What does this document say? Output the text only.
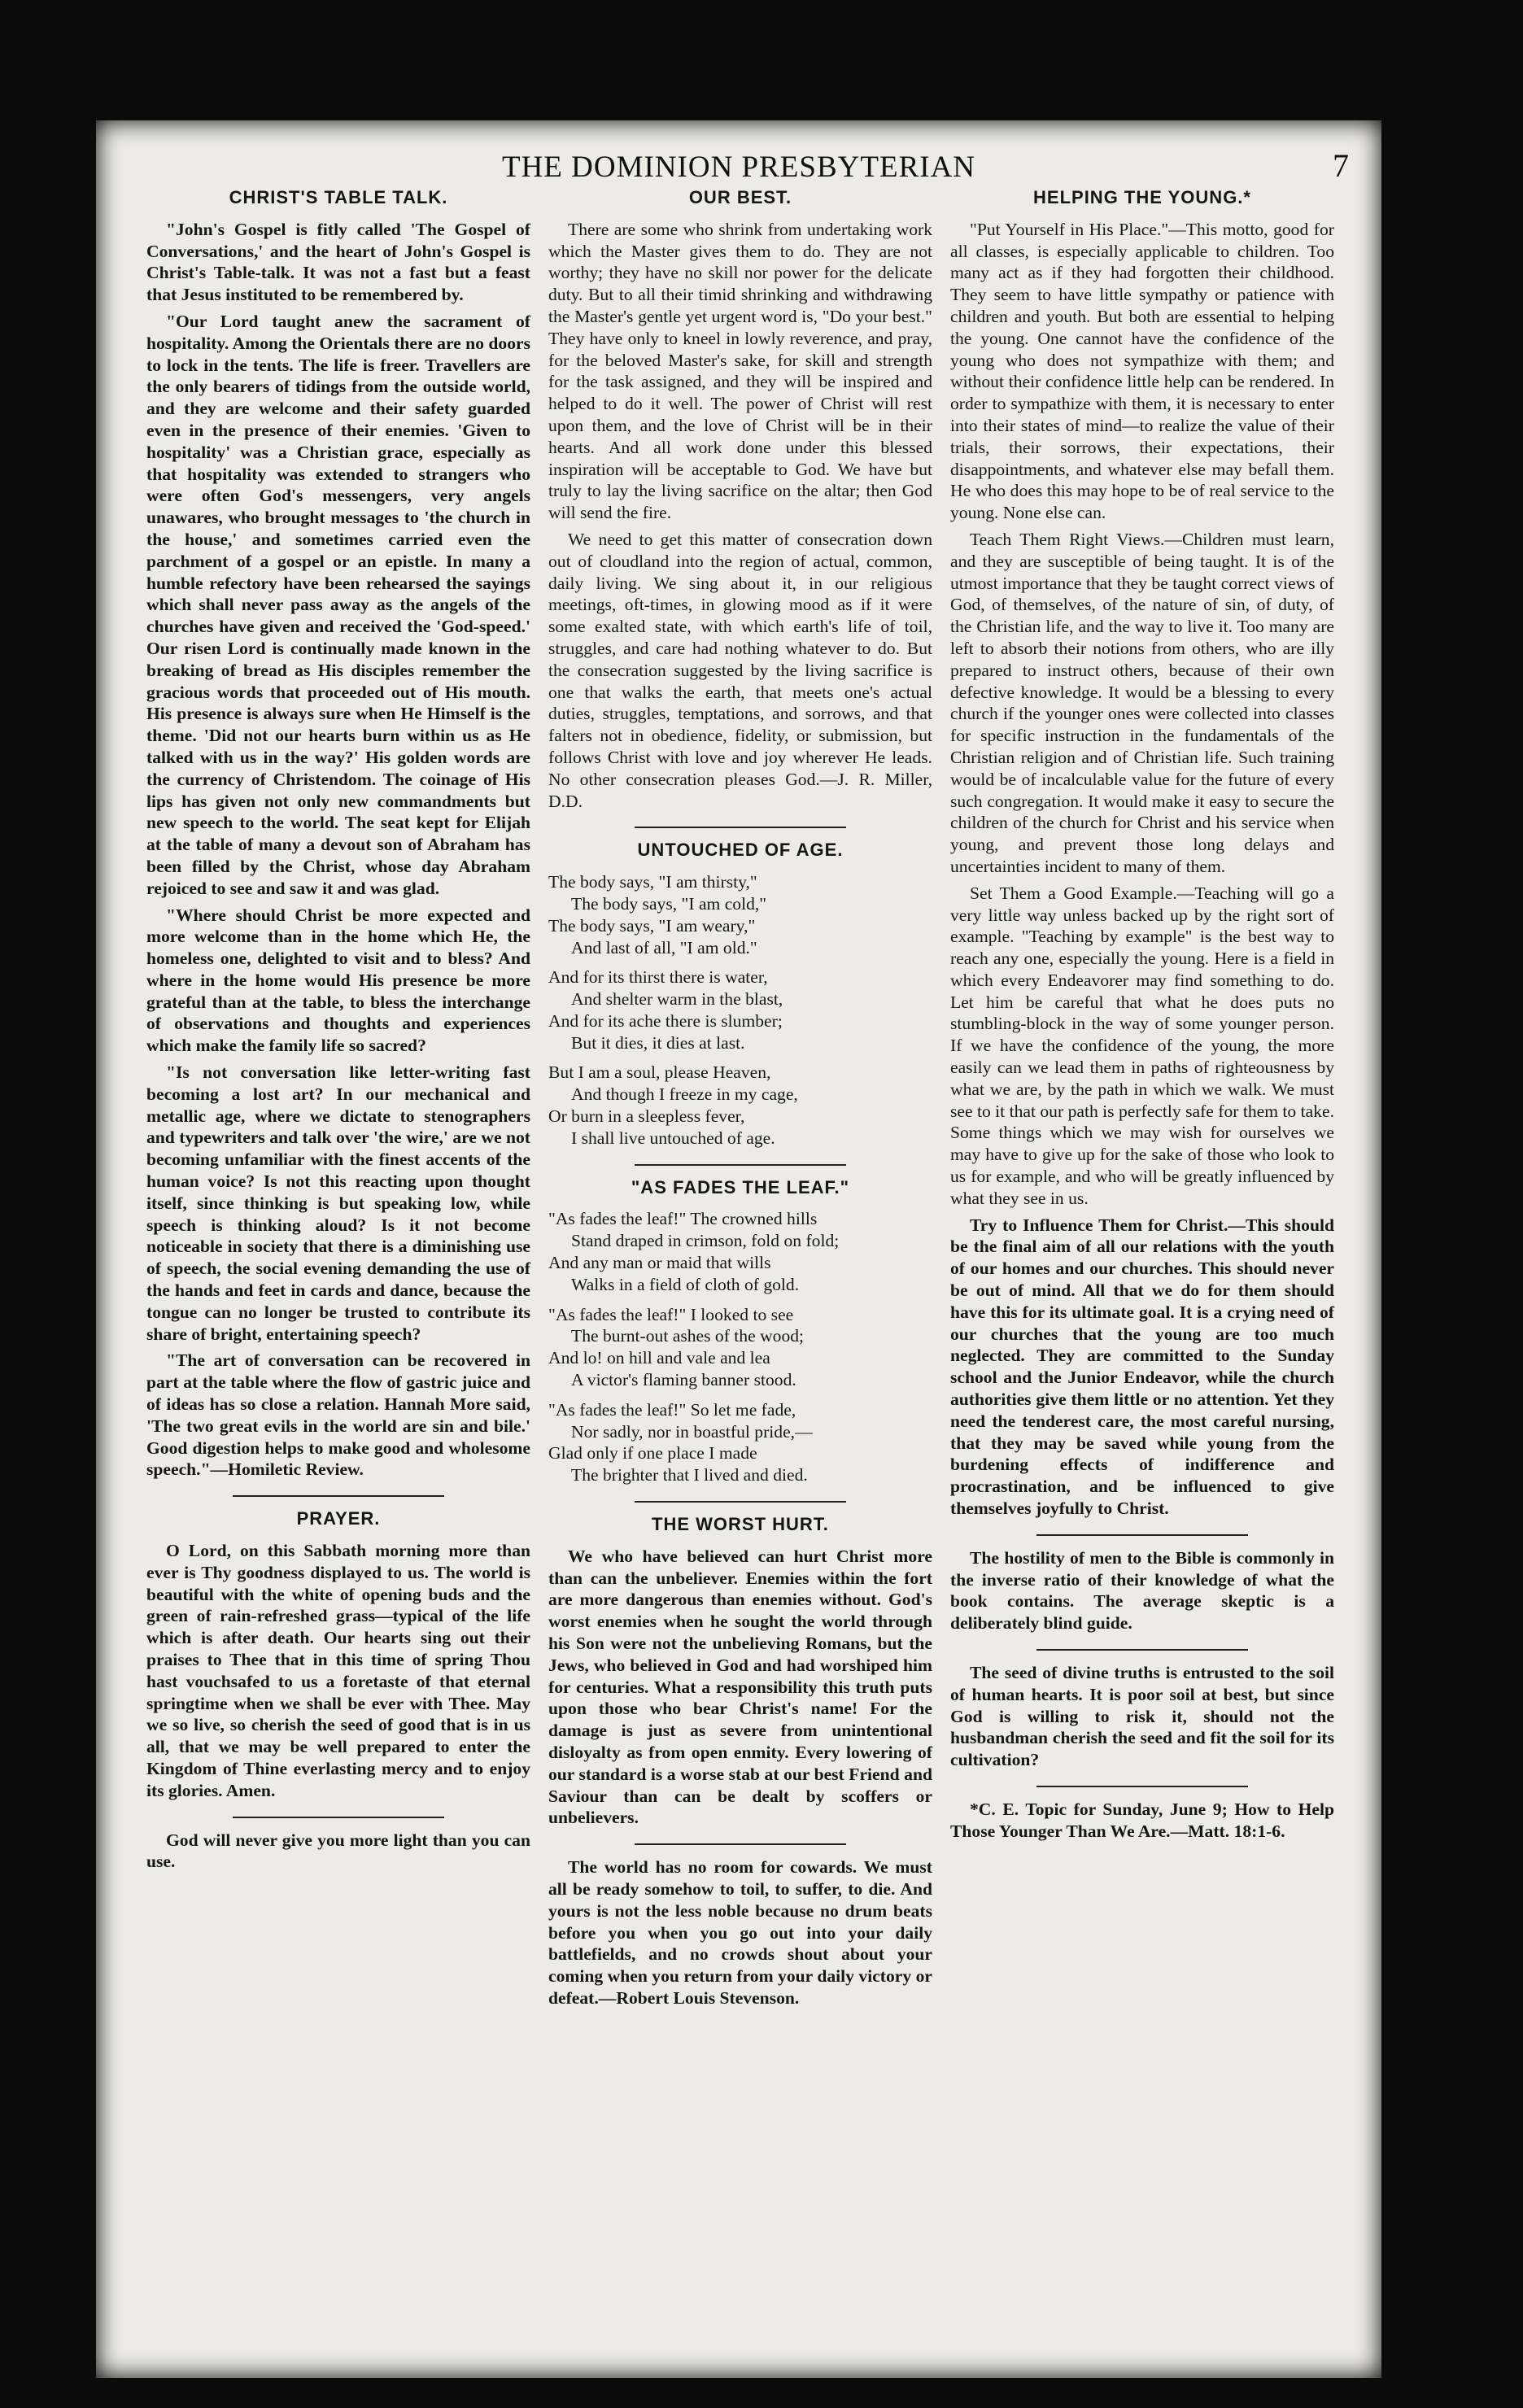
THE DOMINION PRESBYTERIAN	7
CHRIST'S TABLE TALK.

"John's Gospel is fitly called 'The Gospel of Conversations,' and the heart of John's Gospel is Christ's Table-talk. It was not a fast but a feast that Jesus instituted to be remembered by.

"Our Lord taught anew the sacrament of hospitality. Among the Orientals there are no doors to lock in the tents. The life is freer. Travellers are the only bearers of tidings from the outside world, and they are welcome and their safety guarded even in the presence of their enemies. 'Given to hospitality' was a Christian grace, especially as that hospitality was extended to strangers who were often God's messengers, very angels unawares, who brought messages to 'the church in the house,' and sometimes carried even the parchment of a gospel or an epistle. In many a humble refectory have been rehearsed the sayings which shall never pass away as the angels of the churches have given and received the 'God-speed.' Our risen Lord is continually made known in the breaking of bread as His disciples remember the gracious words that proceeded out of His mouth. His presence is always sure when He Himself is the theme. 'Did not our hearts burn within us as He talked with us in the way?' His golden words are the currency of Christendom. The coinage of His lips has given not only new commandments but new speech to the world. The seat kept for Elijah at the table of many a devout son of Abraham has been filled by the Christ, whose day Abraham rejoiced to see and saw it and was glad.

"Where should Christ be more expected and more welcome than in the home which He, the homeless one, delighted to visit and to bless? And where in the home would His presence be more grateful than at the table, to bless the interchange of observations and thoughts and experiences which make the family life so sacred?

"Is not conversation like letter-writing fast becoming a lost art? In our mechanical and metallic age, where we dictate to stenographers and typewriters and talk over 'the wire,' are we not becoming unfamiliar with the finest accents of the human voice? Is not this reacting upon thought itself, since thinking is but speaking low, while speech is thinking aloud? Is it not become noticeable in society that there is a diminishing use of speech, the social evening demanding the use of the hands and feet in cards and dance, because the tongue can no longer be trusted to contribute its share of bright, entertaining speech?

"The art of conversation can be recovered in part at the table where the flow of gastric juice and of ideas has so close a relation. Hannah More said, 'The two great evils in the world are sin and bile.' Good digestion helps to make good and wholesome speech."—Homiletic Review.

PRAYER.

O Lord, on this Sabbath morning more than ever is Thy goodness displayed to us. The world is beautiful with the white of opening buds and the green of rain-refreshed grass—typical of the life which is after death. Our hearts sing out their praises to Thee that in this time of spring Thou hast vouchsafed to us a foretaste of that eternal springtime when we shall be ever with Thee. May we so live, so cherish the seed of good that is in us all, that we may be well prepared to enter the Kingdom of Thine everlasting mercy and to enjoy its glories. Amen.

God will never give you more light than you can use.

OUR BEST.

There are some who shrink from undertaking work which the Master gives them to do. They are not worthy; they have no skill nor power for the delicate duty. But to all their timid shrinking and withdrawing the Master's gentle yet urgent word is, "Do your best." They have only to kneel in lowly reverence, and pray, for the beloved Master's sake, for skill and strength for the task assigned, and they will be inspired and helped to do it well. The power of Christ will rest upon them, and the love of Christ will be in their hearts. And all work done under this blessed inspiration will be acceptable to God. We have but truly to lay the living sacrifice on the altar; then God will send the fire.

We need to get this matter of consecration down out of cloudland into the region of actual, common, daily living. We sing about it, in our religious meetings, oft-times, in glowing mood as if it were some exalted state, with which earth's life of toil, struggles, and care had nothing whatever to do. But the consecration suggested by the living sacrifice is one that walks the earth, that meets one's actual duties, struggles, temptations, and sorrows, and that falters not in obedience, fidelity, or submission, but follows Christ with love and joy wherever He leads. No other consecration pleases God.—J. R. Miller, D.D.

UNTOUCHED OF AGE.
The body says, "I am thirsty,"
The body says, "I am cold,"
The body says, "I am weary,"
And last of all, "I am old."
And for its thirst there is water,
And shelter warm in the blast,
And for its ache there is slumber;
But it dies, it dies at last.
But I am a soul, please Heaven,
And though I freeze in my cage,
Or burn in a sleepless fever,
I shall live untouched of age.
"AS FADES THE LEAF."
"As fades the leaf!" The crowned hills
Stand draped in crimson, fold on fold;
And any man or maid that wills
Walks in a field of cloth of gold.
"As fades the leaf!" I looked to see
The burnt-out ashes of the wood;
And lo! on hill and vale and lea
A victor's flaming banner stood.
"As fades the leaf!" So let me fade,
Nor sadly, nor in boastful pride,—
Glad only if one place I made
The brighter that I lived and died.
THE WORST HURT.

We who have believed can hurt Christ more than can the unbeliever. Enemies within the fort are more dangerous than enemies without. God's worst enemies when he sought the world through his Son were not the unbelieving Romans, but the Jews, who believed in God and had worshiped him for centuries. What a responsibility this truth puts upon those who bear Christ's name! For the damage is just as severe from unintentional disloyalty as from open enmity. Every lowering of our standard is a worse stab at our best Friend and Saviour than can be dealt by scoffers or unbelievers.

The world has no room for cowards. We must all be ready somehow to toil, to suffer, to die. And yours is not the less noble because no drum beats before you when you go out into your daily battlefields, and no crowds shout about your coming when you return from your daily victory or defeat.—Robert Louis Stevenson.

HELPING THE YOUNG.*

"Put Yourself in His Place."—This motto, good for all classes, is especially applicable to children. Too many act as if they had forgotten their childhood. They seem to have little sympathy or patience with children and youth. But both are essential to helping the young. One cannot have the confidence of the young who does not sympathize with them; and without their confidence little help can be rendered. In order to sympathize with them, it is necessary to enter into their states of mind—to realize the value of their trials, their sorrows, their expectations, their disappointments, and whatever else may befall them. He who does this may hope to be of real service to the young. None else can.

Teach Them Right Views.—Children must learn, and they are susceptible of being taught. It is of the utmost importance that they be taught correct views of God, of themselves, of the nature of sin, of duty, of the Christian life, and the way to live it. Too many are left to absorb their notions from others, who are illy prepared to instruct others, because of their own defective knowledge. It would be a blessing to every church if the younger ones were collected into classes for specific instruction in the fundamentals of the Christian religion and of Christian life. Such training would be of incalculable value for the future of every such congregation. It would make it easy to secure the children of the church for Christ and his service when young, and prevent those long delays and uncertainties incident to many of them.

Set Them a Good Example.—Teaching will go a very little way unless backed up by the right sort of example. "Teaching by example" is the best way to reach any one, especially the young. Here is a field in which every Endeavorer may find something to do. Let him be careful that what he does puts no stumbling-block in the way of some younger person. If we have the confidence of the young, the more easily can we lead them in paths of righteousness by what we are, by the path in which we walk. We must see to it that our path is perfectly safe for them to take. Some things which we may wish for ourselves we may have to give up for the sake of those who look to us for example, and who will be greatly influenced by what they see in us.

Try to Influence Them for Christ.—This should be the final aim of all our relations with the youth of our homes and our churches. This should never be out of mind. All that we do for them should have this for its ultimate goal. It is a crying need of our churches that the young are too much neglected. They are committed to the Sunday school and the Junior Endeavor, while the church authorities give them little or no attention. Yet they need the tenderest care, the most careful nursing, that they may be saved while young from the burdening effects of indifference and procrastination, and be influenced to give themselves joyfully to Christ.

The hostility of men to the Bible is commonly in the inverse ratio of their knowledge of what the book contains. The average skeptic is a deliberately blind guide.

The seed of divine truths is entrusted to the soil of human hearts. It is poor soil at best, but since God is willing to risk it, should not the husbandman cherish the seed and fit the soil for its cultivation?

*C. E. Topic for Sunday, June 9; How to Help Those Younger Than We Are.—Matt. 18:1-6.
